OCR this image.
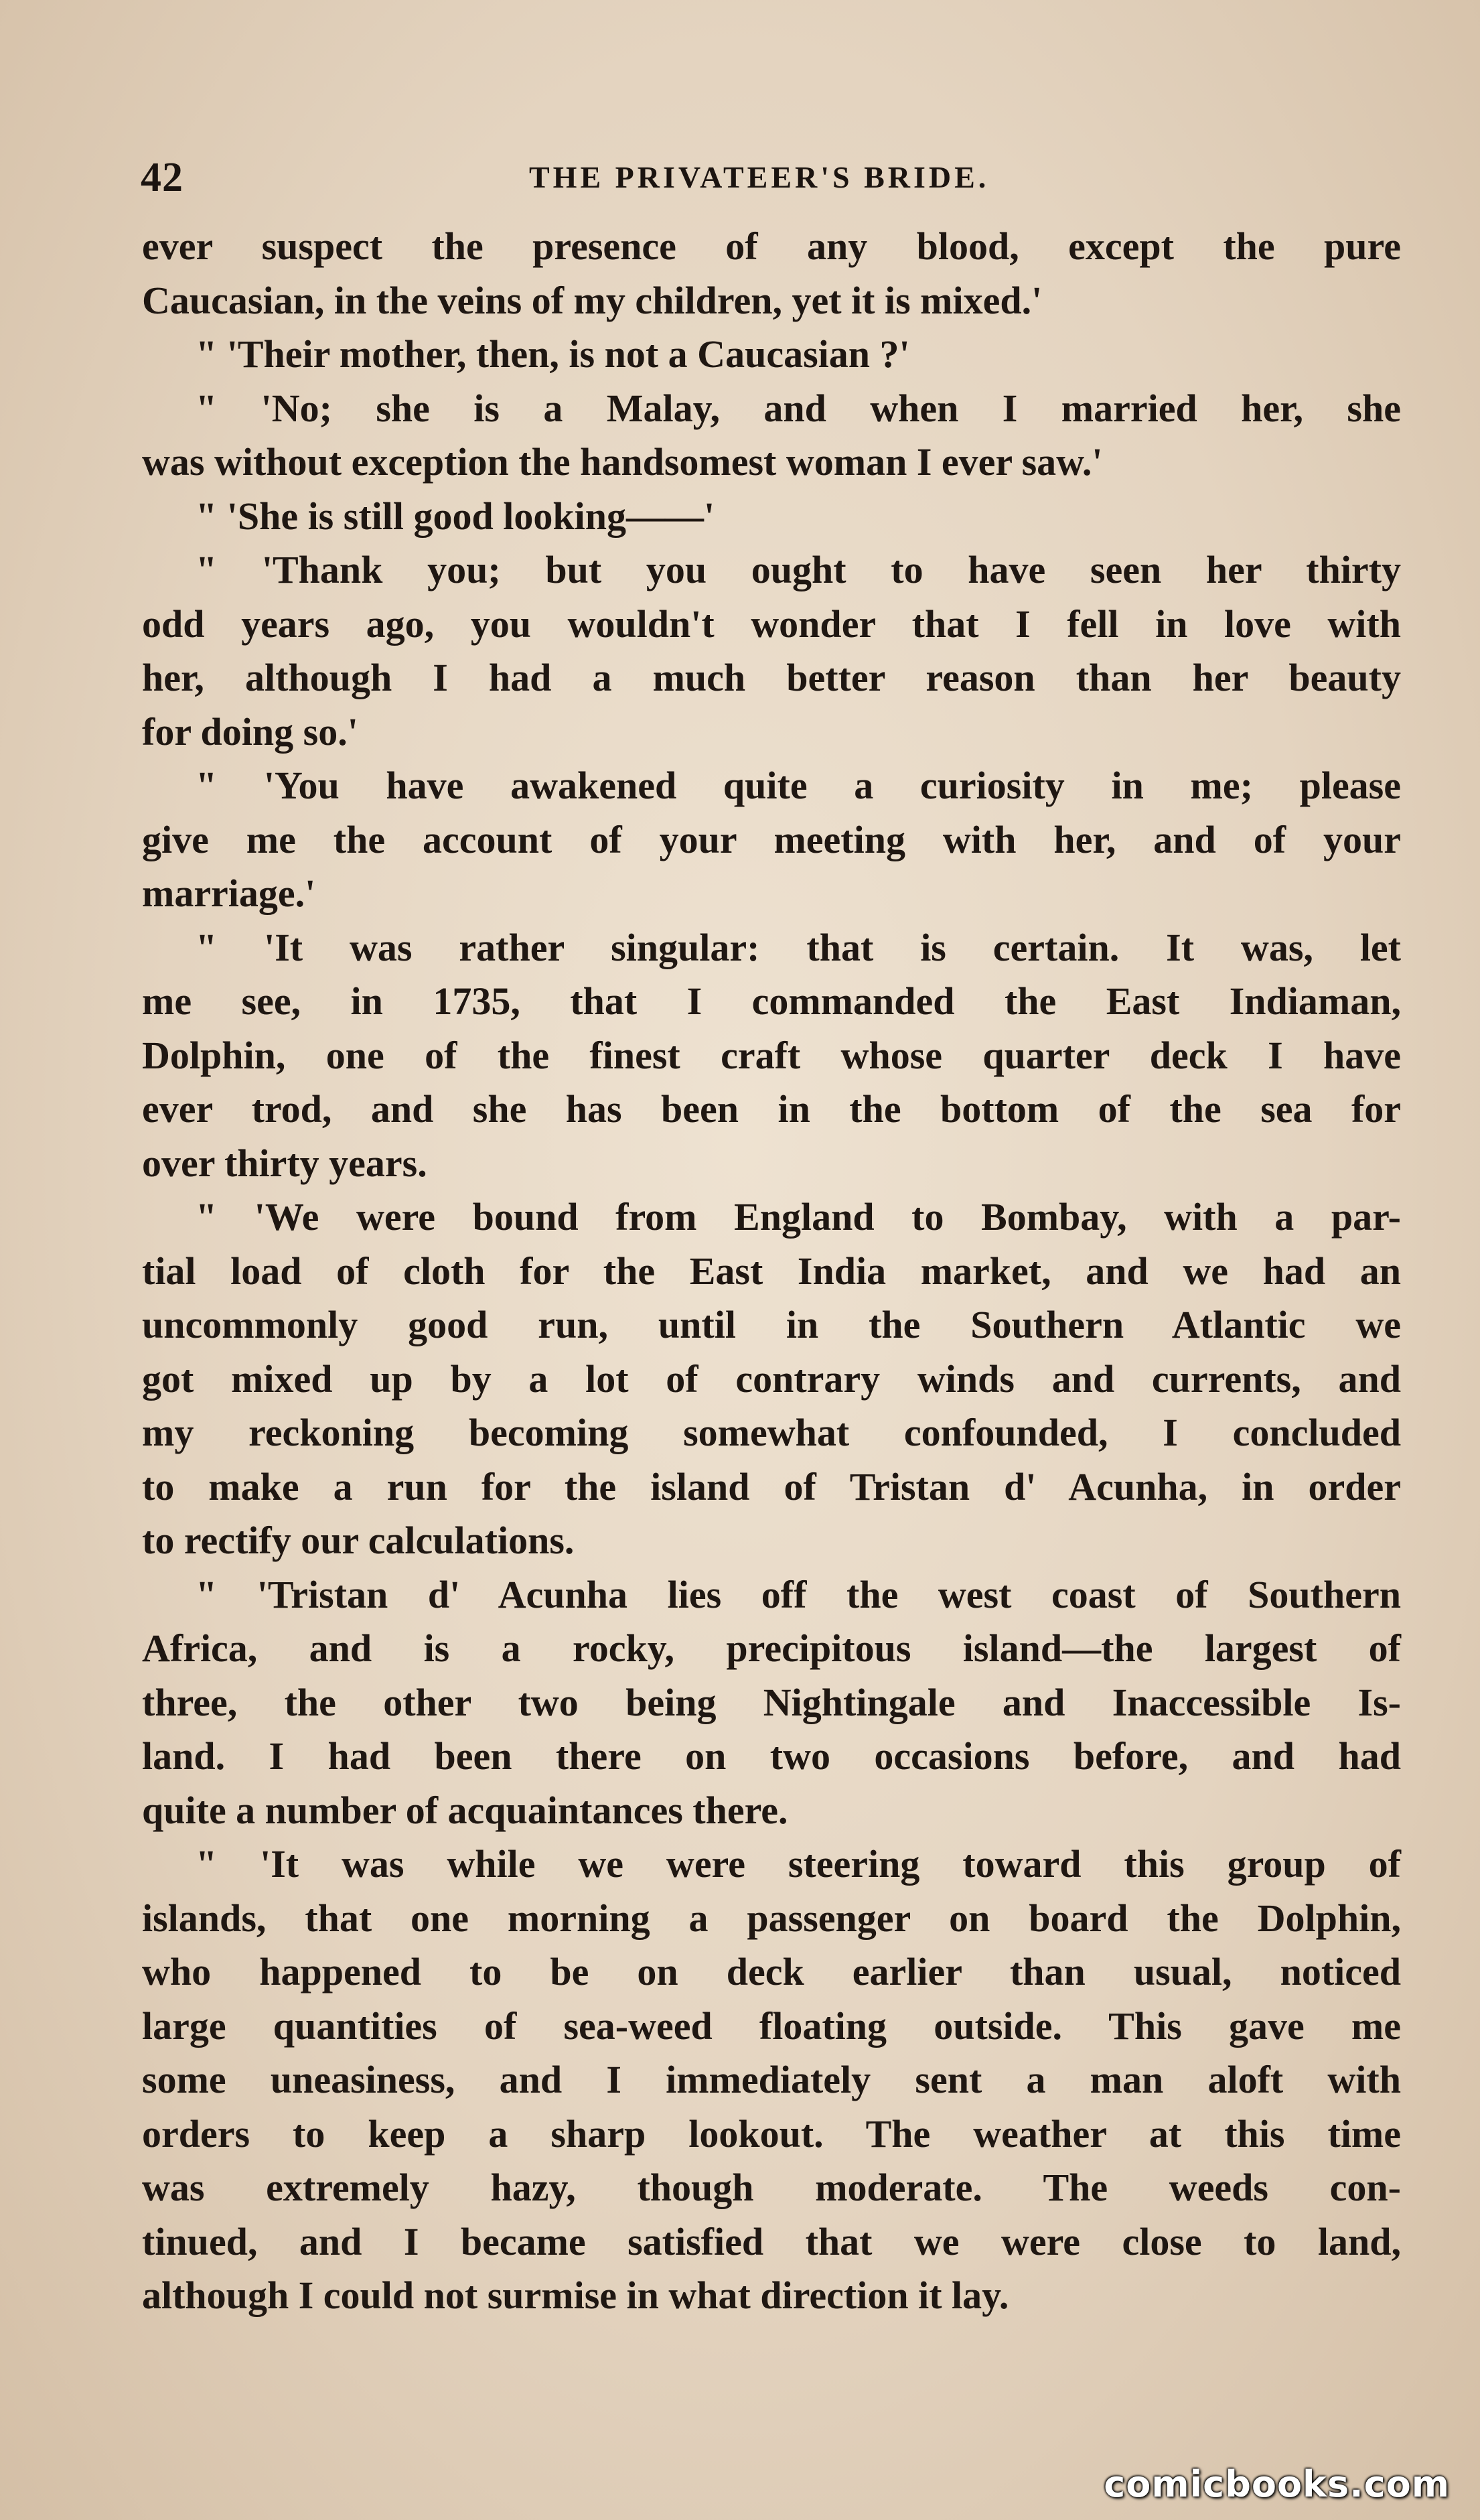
42	THE PRIVATEER'S BRIDE.
ever suspect the presence of any blood, except the pure
Caucasian, in the veins of my children, yet it is mixed.'
" 'Their mother, then, is not a Caucasian ?'
" 'No; she is a Malay, and when I married her, she
was without exception the handsomest woman I ever saw.'
" 'She is still good looking——'
" 'Thank you; but you ought to have seen her thirty
odd years ago, you wouldn't wonder that I fell in love with
her, although I had a much better reason than her beauty
for doing so.'
" 'You have awakened quite a curiosity in me; please
give me the account of your meeting with her, and of your
marriage.'
" 'It was rather singular: that is certain. It was, let
me see, in 1735, that I commanded the East Indiaman,
Dolphin, one of the finest craft whose quarter deck I have
ever trod, and she has been in the bottom of the sea for
over thirty years.
" 'We were bound from England to Bombay, with a par-
tial load of cloth for the East India market, and we had an
uncommonly good run, until in the Southern Atlantic we
got mixed up by a lot of contrary winds and currents, and
my reckoning becoming somewhat confounded, I concluded
to make a run for the island of Tristan d' Acunha, in order
to rectify our calculations.
" 'Tristan d' Acunha lies off the west coast of Southern
Africa, and is a rocky, precipitous island—the largest of
three, the other two being Nightingale and Inaccessible Is-
land. I had been there on two occasions before, and had
quite a number of acquaintances there.
" 'It was while we were steering toward this group of
islands, that one morning a passenger on board the Dolphin,
who happened to be on deck earlier than usual, noticed
large quantities of sea-weed floating outside. This gave me
some uneasiness, and I immediately sent a man aloft with
orders to keep a sharp lookout. The weather at this time
was extremely hazy, though moderate. The weeds con-
tinued, and I became satisfied that we were close to land,
although I could not surmise in what direction it lay.
comicbooks.com
